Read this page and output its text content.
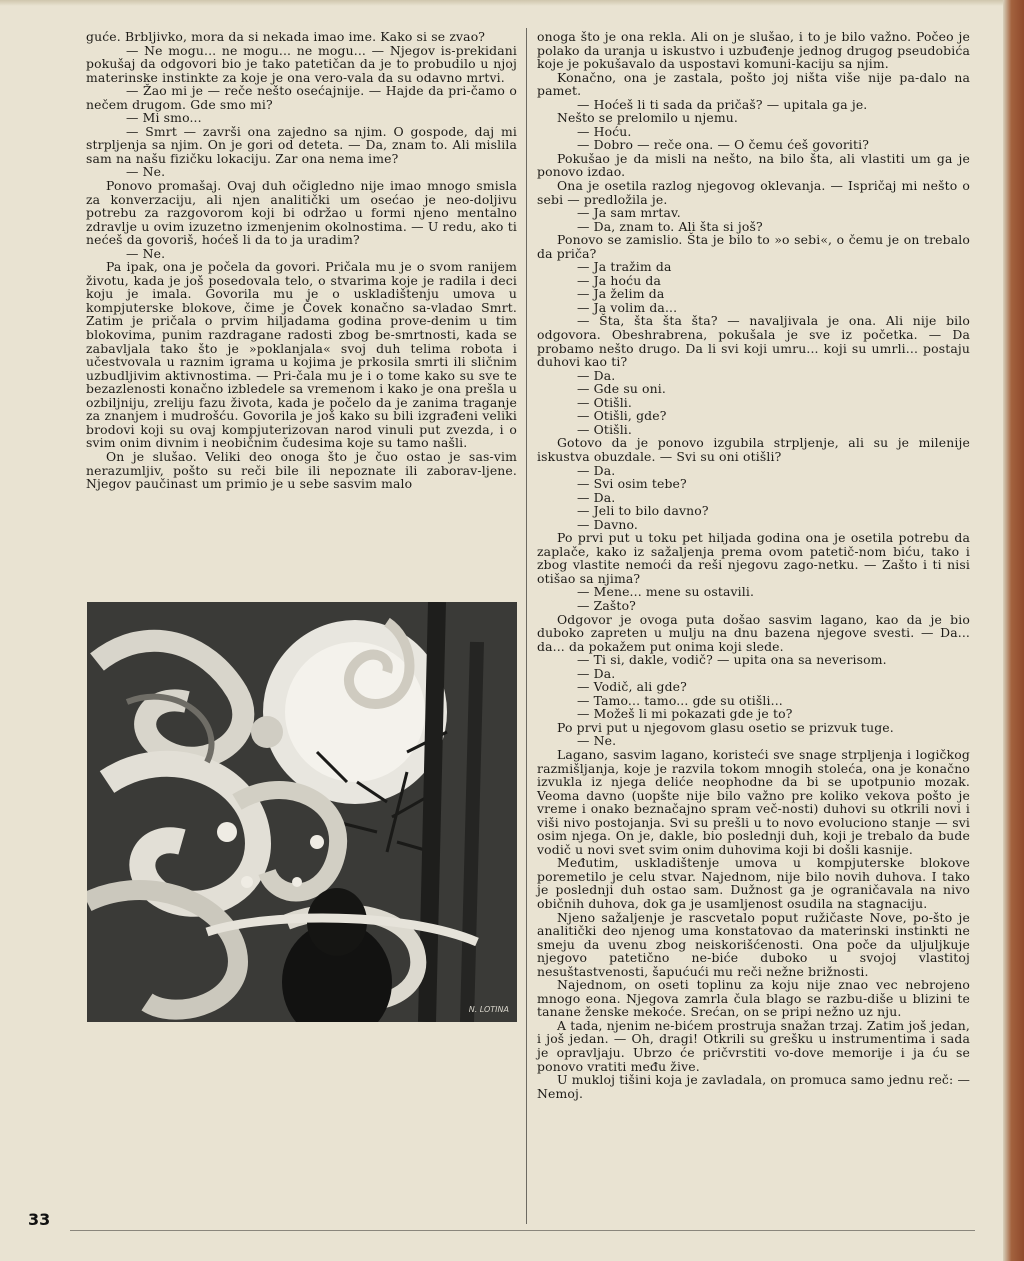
guće. Brbljivko, mora da si nekada imao ime. Kako si se zvao?

— Ne mogu... ne mogu... ne mogu... — Njegov is-prekidani pokušaj da odgovori bio je tako patetičan da je to probudilo u njoj materinske instinkte za koje je ona vero-vala da su odavno mrtvi.

— Žao mi je — reče nešto osećajnije. — Hajde da pri-čamo o nečem drugom. Gde smo mi?

— Mi smo...

— Smrt — završi ona zajedno sa njim. O gospode, daj mi strpljenja sa njim. On je gori od deteta. — Da, znam to. Ali mislila sam na našu fizičku lokaciju. Zar ona nema ime?

— Ne.

Ponovo promašaj. Ovaj duh očigledno nije imao mnogo smisla za konverzaciju, ali njen analitički um osećao je neo-doljivu potrebu za razgovorom koji bi održao u formi njeno mentalno zdravlje u ovim izuzetno izmenjenim okolnostima. — U redu, ako ti nećeš da govoriš, hoćeš li da to ja uradim?

— Ne.

Pa ipak, ona je počela da govori. Pričala mu je o svom ranijem životu, kada je još posedovala telo, o stvarima koje je radila i deci koju je imala. Govorila mu je o uskladištenju umova u kompjuterske blokove, čime je Čovek konačno sa-vladao Smrt. Zatim je pričala o prvim hiljadama godina prove-denim u tim blokovima, punim razdragane radosti zbog be-smrtnosti, kada se zabavljala tako što je »poklanjala« svoj duh telima robota i učestvovala u raznim igrama u kojima je prkosila smrti ili sličnim uzbudljivim aktivnostima. — Pri-čala mu je i o tome kako su sve te bezazlenosti konačno izbledele sa vremenom i kako je ona prešla u ozbiljniju, zreliju fazu života, kada je počelo da je zanima traganje za znanjem i mudrošću. Govorila je još kako su bili izgrađeni veliki brodovi koji su ovaj kompjuterizovan narod vinuli put zvezda, i o svim onim divnim i neobičnim čudesima koje su tamo našli.

On je slušao. Veliki deo onoga što je čuo ostao je sas-vim nerazumljiv, pošto su reči bile ili nepoznate ili zaborav-ljene. Njegov paučinast um primio je u sebe sasvim malo

onoga što je ona rekla. Ali on je slušao, i to je bilo važno. Počeo je polako da uranja u iskustvo i uzbuđenje jednog drugog pseudobića koje je pokušavalo da uspostavi komuni-kaciju sa njim.

Konačno, ona je zastala, pošto joj ništa više nije pa-dalo na pamet.

— Hoćeš li ti sada da pričaš? — upitala ga je.

Nešto se prelomilo u njemu.

— Hoću.

— Dobro — reče ona. — O čemu ćeš govoriti?

Pokušao je da misli na nešto, na bilo šta, ali vlastiti um ga je ponovo izdao.

Ona je osetila razlog njegovog oklevanja. — Ispričaj mi nešto o sebi — predložila je.

— Ja sam mrtav.

— Da, znam to. Ali šta si još?

Ponovo se zamislio. Šta je bilo to »o sebi«, o čemu je on trebalo da priča?

— Ja tražim da

— Ja hoću da

— Ja želim da

— Ja volim da...

— Šta, šta šta šta? — navaljivala je ona. Ali nije bilo odgovora. Obeshrabrena, pokušala je sve iz početka. — Da probamo nešto drugo. Da li svi koji umru... koji su umrli... postaju duhovi kao ti?

— Da.

— Gde su oni.

— Otišli.

— Otišli, gde?

— Otišli.

Gotovo da je ponovo izgubila strpljenje, ali su je milenije iskustva obuzdale. — Svi su oni otišli?

— Da.

— Svi osim tebe?

— Da.

— Jeli to bilo davno?

— Davno.

Po prvi put u toku pet hiljada godina ona je osetila potrebu da zaplače, kako iz sažaljenja prema ovom patetič-nom biću, tako i zbog vlastite nemoći da reši njegovu zago-netku. — Zašto i ti nisi otišao sa njima?

— Mene... mene su ostavili.

— Zašto?

Odgovor je ovoga puta došao sasvim lagano, kao da je bio duboko zapreten u mulju na dnu bazena njegove svesti. — Da... da... da pokažem put onima koji slede.

— Ti si, dakle, vodič? — upita ona sa neverisom.

— Da.

— Vodič, ali gde?

— Tamo... tamo... gde su otišli...

— Možeš li mi pokazati gde je to?

Po prvi put u njegovom glasu osetio se prizvuk tuge.

— Ne.

Lagano, sasvim lagano, koristeći sve snage strpljenja i logičkog razmišljanja, koje je razvila tokom mnogih stoleća, ona je konačno izvukla iz njega deliće neophodne da bi se upotpunio mozak. Veoma davno (uopšte nije bilo važno pre koliko vekova pošto je vreme i onako beznačajno spram več-nosti) duhovi su otkrili novi i viši nivo postojanja. Svi su prešli u to novo evoluciono stanje — svi osim njega. On je, dakle, bio poslednji duh, koji je trebalo da bude vodič u novi svet svim onim duhovima koji bi došli kasnije.

Međutim, uskladištenje umova u kompjuterske blokove poremetilo je celu stvar. Najednom, nije bilo novih duhova. I tako je poslednji duh ostao sam. Dužnost ga je ograničavala na nivo običnih duhova, dok ga je usamljenost osudila na stagnaciju.

Njeno sažaljenje je rascvetalo poput ružičaste Nove, po-što je analitički deo njenog uma konstatovao da materinski instinkti ne smeju da uvenu zbog neiskorišćenosti. Ona poče da uljuljkuje njegovo patetično ne-biće duboko u svojoj vlastitoj nesuštastvenosti, šapućući mu reči nežne brižnosti.

Najednom, on oseti toplinu za koju nije znao vec nebrojeno mnogo eona. Njegova zamrla čula blago se razbu-diše u blizini te tanane ženske mekoće. Srećan, on se pripi nežno uz nju.

A tada, njenim ne-bićem prostruja snažan trzaj. Zatim još jedan, i još jedan. — Oh, dragi! Otkrili su grešku u instrumentima i sada je opravljaju. Ubrzo će pričvrstiti vo-dove memorije i ja ću se ponovo vratiti među žive.

U mukloj tišini koja je zavladala, on promuca samo jednu reč: — Nemoj.

N. LOTINA
33
